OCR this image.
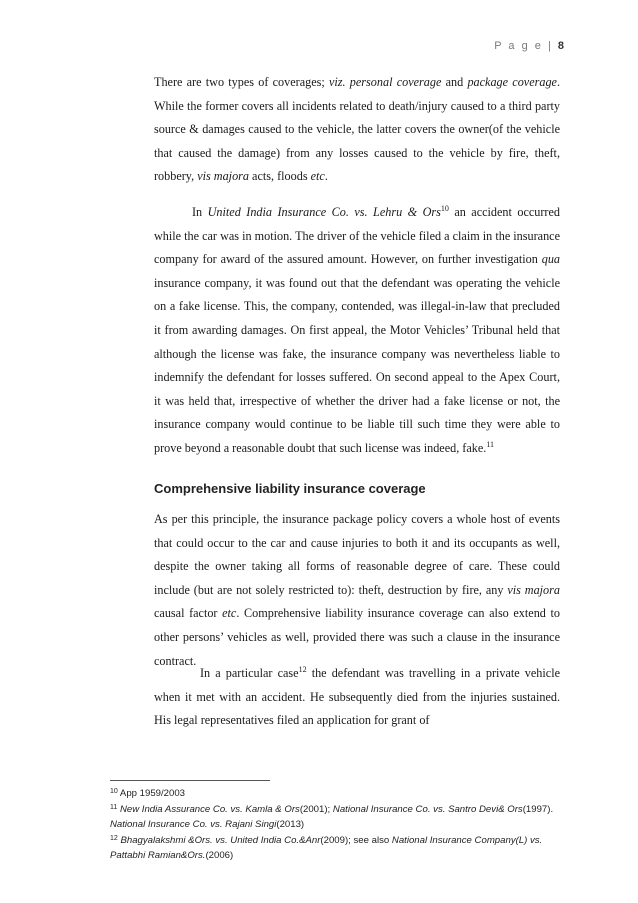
P a g e | 8

There are two types of coverages; viz. personal coverage and package coverage. While the former covers all incidents related to death/injury caused to a third party source & damages caused to the vehicle, the latter covers the owner(of the vehicle that caused the damage) from any losses caused to the vehicle by fire, theft, robbery, vis majora acts, floods etc.

In United India Insurance Co. vs. Lehru & Ors$^{10}$ an accident occurred while the car was in motion. The driver of the vehicle filed a claim in the insurance company for award of the assured amount. However, on further investigation qua insurance company, it was found out that the defendant was operating the vehicle on a fake license. This, the company, contended, was illegal-in-law that precluded it from awarding damages. On first appeal, the Motor Vehicles’ Tribunal held that although the license was fake, the insurance company was nevertheless liable to indemnify the defendant for losses suffered. On second appeal to the Apex Court, it was held that, irrespective of whether the driver had a fake license or not, the insurance company would continue to be liable till such time they were able to prove beyond a reasonable doubt that such license was indeed, fake.$^{11}$

Comprehensive liability insurance coverage

As per this principle, the insurance package policy covers a whole host of events that could occur to the car and cause injuries to both it and its occupants as well, despite the owner taking all forms of reasonable degree of care. These could include (but are not solely restricted to): theft, destruction by fire, any vis majora causal factor etc. Comprehensive liability insurance coverage can also extend to other persons’ vehicles as well, provided there was such a clause in the insurance contract.

In a particular case$^{12}$ the defendant was travelling in a private vehicle when it met with an accident. He subsequently died from the injuries sustained. His legal representatives filed an application for grant of

$^{10}$ App 1959/2003
$^{11}$ New India Assurance Co. vs. Kamla & Ors(2001); National Insurance Co. vs. Santro Devi& Ors(1997).
National Insurance Co. vs. Rajani Singi(2013)
$^{12}$ Bhagyalakshmi &Ors. vs. United India Co.&Anr(2009); see also National Insurance Company(L) vs.
Pattabhi Ramian&Ors.(2006)
